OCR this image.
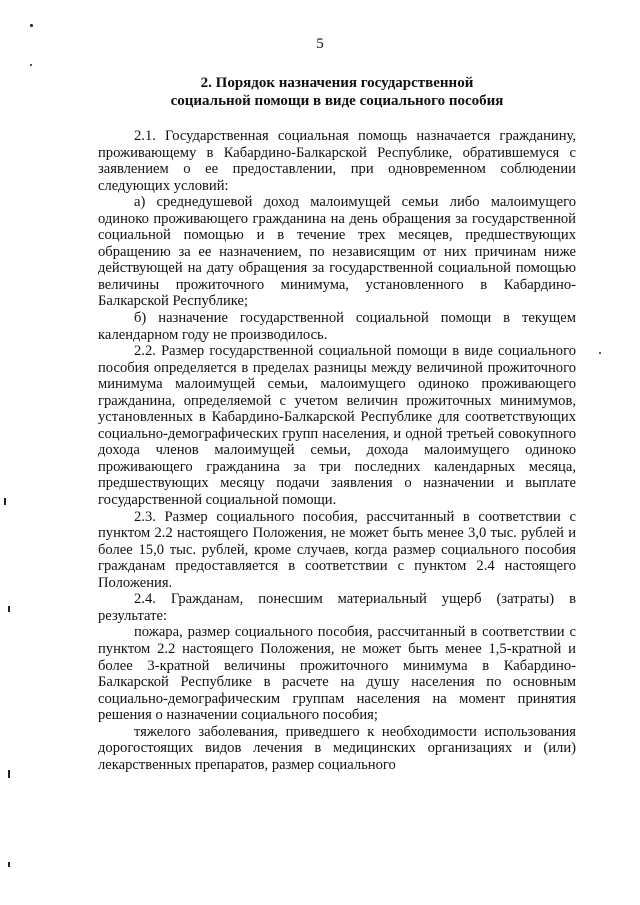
5
2. Порядок назначения государственной
социальной помощи в виде социального пособия

2.1. Государственная социальная помощь назначается гражданину, проживающему в Кабардино-Балкарской Республике, обратившемуся с заявлением о ее предоставлении, при одновременном соблюдении следующих условий:

а) среднедушевой доход малоимущей семьи либо малоимущего одиноко проживающего гражданина на день обращения за государственной социальной помощью и в течение трех месяцев, предшествующих обращению за ее назначением, по независящим от них причинам ниже действующей на дату обращения за государственной социальной помощью величины прожиточного минимума, установленного в Кабардино-Балкарской Республике;

б) назначение государственной социальной помощи в текущем календарном году не производилось.

2.2. Размер государственной социальной помощи в виде социального пособия определяется в пределах разницы между величиной прожиточного минимума малоимущей семьи, малоимущего одиноко проживающего гражданина, определяемой с учетом величин прожиточных минимумов, установленных в Кабардино-Балкарской Республике для соответствующих социально-демографических групп населения, и одной третьей совокупного дохода членов малоимущей семьи, дохода малоимущего одиноко проживающего гражданина за три последних календарных месяца, предшествующих месяцу подачи заявления о назначении и выплате государственной социальной помощи.

2.3. Размер социального пособия, рассчитанный в соответствии с пунктом 2.2 настоящего Положения, не может быть менее 3,0 тыс. рублей и более 15,0 тыс. рублей, кроме случаев, когда размер социального пособия гражданам предоставляется в соответствии с пунктом 2.4 настоящего Положения.

2.4. Гражданам, понесшим материальный ущерб (затраты) в результате:

пожара, размер социального пособия, рассчитанный в соответствии с пунктом 2.2 настоящего Положения, не может быть менее 1,5-кратной и более 3-кратной величины прожиточного минимума в Кабардино-Балкарской Республике в расчете на душу населения по основным социально-демографическим группам населения на момент принятия решения о назначении социального пособия;

тяжелого заболевания, приведшего к необходимости использования дорогостоящих видов лечения в медицинских организациях и (или) лекарственных препаратов, размер социального
